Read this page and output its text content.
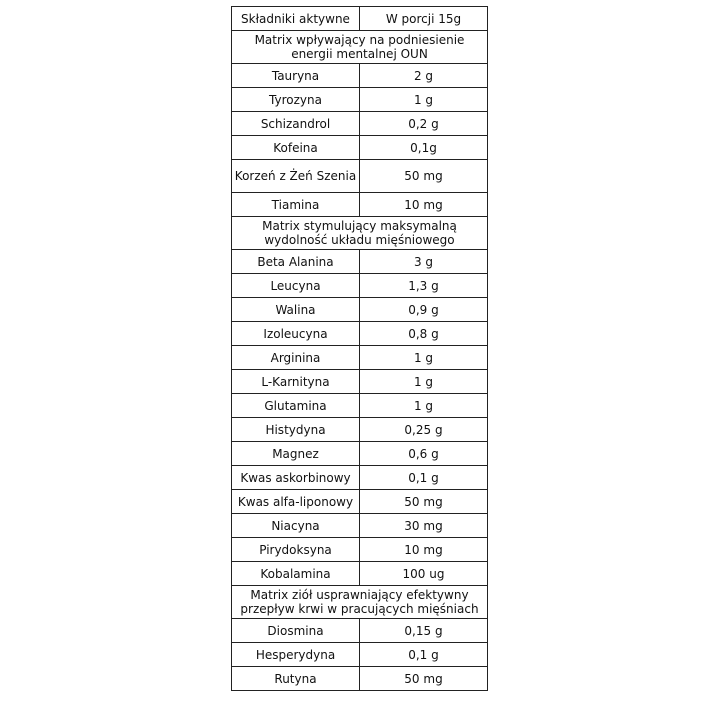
Składniki aktywne	W porcji 15g
Matrix wpływający na podniesienie energii mentalnej OUN	
Tauryna	2 g
Tyrozyna	1 g
Schizandrol	0,2 g
Kofeina	0,1g
Korzeń z Żeń Szenia	50 mg
Tiamina	10 mg
Matrix stymulujący maksymalną wydolność układu mięśniowego	
Beta Alanina	3 g
Leucyna	1,3 g
Walina	0,9 g
Izoleucyna	0,8 g
Arginina	1 g
L-Karnityna	1 g
Glutamina	1 g
Histydyna	0,25 g
Magnez	0,6 g
Kwas askorbinowy	0,1 g
Kwas alfa-liponowy	50 mg
Niacyna	30 mg
Pirydoksyna	10 mg
Kobalamina	100 ug
Matrix ziół usprawniający efektywny przepływ krwi w pracujących mięśniach	
Diosmina	0,15 g
Hesperydyna	0,1 g
Rutyna	50 mg
